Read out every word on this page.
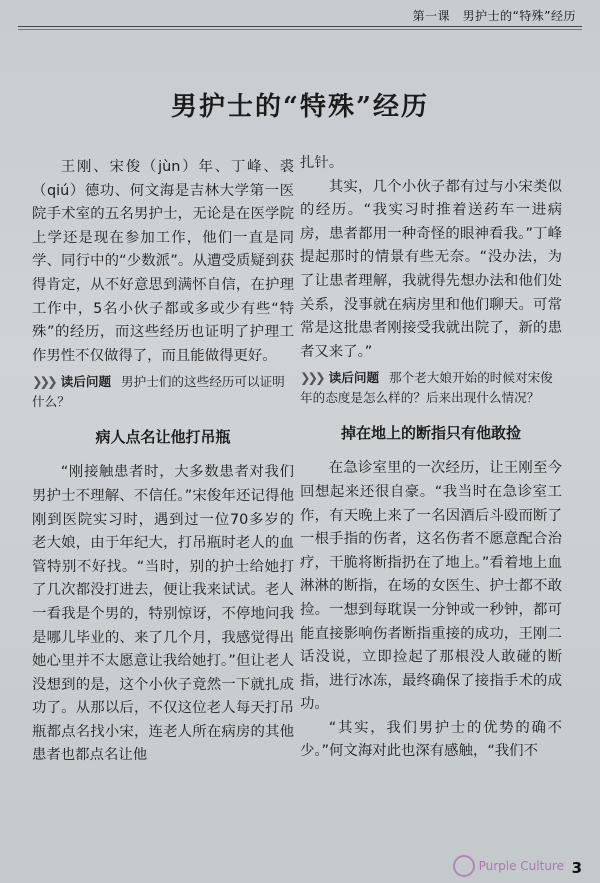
第一课　男护士的“特殊”经历
男护士的“特殊”经历

王刚、宋俊（jùn）年、丁峰、裘（qiú）德功、何文海是吉林大学第一医院手术室的五名男护士，无论是在医学院上学还是现在参加工作，他们一直是同学、同行中的“少数派”。从遭受质疑到获得肯定，从不好意思到满怀自信，在护理工作中，5名小伙子都或多或少有些“特殊”的经历，而这些经历也证明了护理工作男性不仅做得了，而且能做得更好。

❯❯❯ 读后问题 男护士们的这些经历可以证明什么？
病人点名让他打吊瓶

“刚接触患者时，大多数患者对我们男护士不理解、不信任。”宋俊年还记得他刚到医院实习时，遇到过一位70多岁的老大娘，由于年纪大，打吊瓶时老人的血管特别不好找。“当时，别的护士给她打了几次都没打进去，便让我来试试。老人一看我是个男的，特别惊讶，不停地问我是哪儿毕业的、来了几个月，我感觉得出她心里并不太愿意让我给她打。”但让老人没想到的是，这个小伙子竟然一下就扎成功了。从那以后，不仅这位老人每天打吊瓶都点名找小宋，连老人所在病房的其他患者也都点名让他

扎针。

其实，几个小伙子都有过与小宋类似的经历。“我实习时推着送药车一进病房，患者都用一种奇怪的眼神看我。”丁峰提起那时的情景有些无奈。“没办法，为了让患者理解，我就得先想办法和他们处关系，没事就在病房里和他们聊天。可常常是这批患者刚接受我就出院了，新的患者又来了。”

❯❯❯ 读后问题 那个老大娘开始的时候对宋俊年的态度是怎么样的？后来出现什么情况？
掉在地上的断指只有他敢捡

在急诊室里的一次经历，让王刚至今回想起来还很自豪。“我当时在急诊室工作，有天晚上来了一名因酒后斗殴而断了一根手指的伤者，这名伤者不愿意配合治疗，干脆将断指扔在了地上。”看着地上血淋淋的断指，在场的女医生、护士都不敢捡。一想到每耽误一分钟或一秒钟，都可能直接影响伤者断指重接的成功，王刚二话没说，立即捡起了那根没人敢碰的断指，进行冰冻，最终确保了接指手术的成功。

“其实，我们男护士的优势的确不少。”何文海对此也深有感触，“我们不

Purple Culture 3
